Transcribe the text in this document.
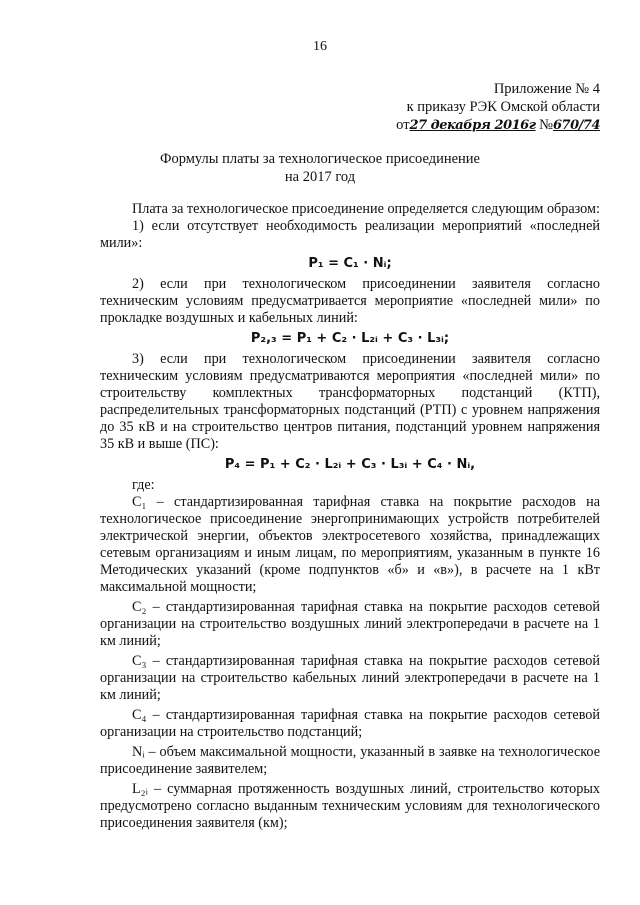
16
Приложение № 4
к приказу РЭК Омской области
от27 декабря 2016г №670/74
Формулы платы за технологическое присоединение
на 2017 год

Плата за технологическое присоединение определяется следующим образом:

1) если отсутствует необходимость реализации мероприятий «последней мили»:

P₁ = C₁ · Nᵢ;

2) если при технологическом присоединении заявителя согласно техническим условиям предусматривается мероприятие «последней мили» по прокладке воздушных и кабельных линий:

P₂,₃ = P₁ + C₂ · L₂ᵢ + C₃ · L₃ᵢ;

3) если при технологическом присоединении заявителя согласно техническим условиям предусматриваются мероприятия «последней мили» по строительству комплектных трансформаторных подстанций (КТП), распределительных трансформаторных подстанций (РТП) с уровнем напряжения до 35 кВ и на строительство центров питания, подстанций уровнем напряжения 35 кВ и выше (ПС):

P₄ = P₁ + C₂ · L₂ᵢ + C₃ · L₃ᵢ + C₄ · Nᵢ,

где:

C₁ – стандартизированная тарифная ставка на покрытие расходов на технологическое присоединение энергопринимающих устройств потребителей электрической энергии, объектов электросетевого хозяйства, принадлежащих сетевым организациям и иным лицам, по мероприятиям, указанным в пункте 16 Методических указаний (кроме подпунктов «б» и «в»), в расчете на 1 кВт максимальной мощности;

C₂ – стандартизированная тарифная ставка на покрытие расходов сетевой организации на строительство воздушных линий электропередачи в расчете на 1 км линий;

C₃ – стандартизированная тарифная ставка на покрытие расходов сетевой организации на строительство кабельных линий электропередачи в расчете на 1 км линий;

C₄ – стандартизированная тарифная ставка на покрытие расходов сетевой организации на строительство подстанций;

Nᵢ – объем максимальной мощности, указанный в заявке на технологическое присоединение заявителем;

L₂ᵢ – суммарная протяженность воздушных линий, строительство которых предусмотрено согласно выданным техническим условиям для технологического присоединения заявителя (км);
